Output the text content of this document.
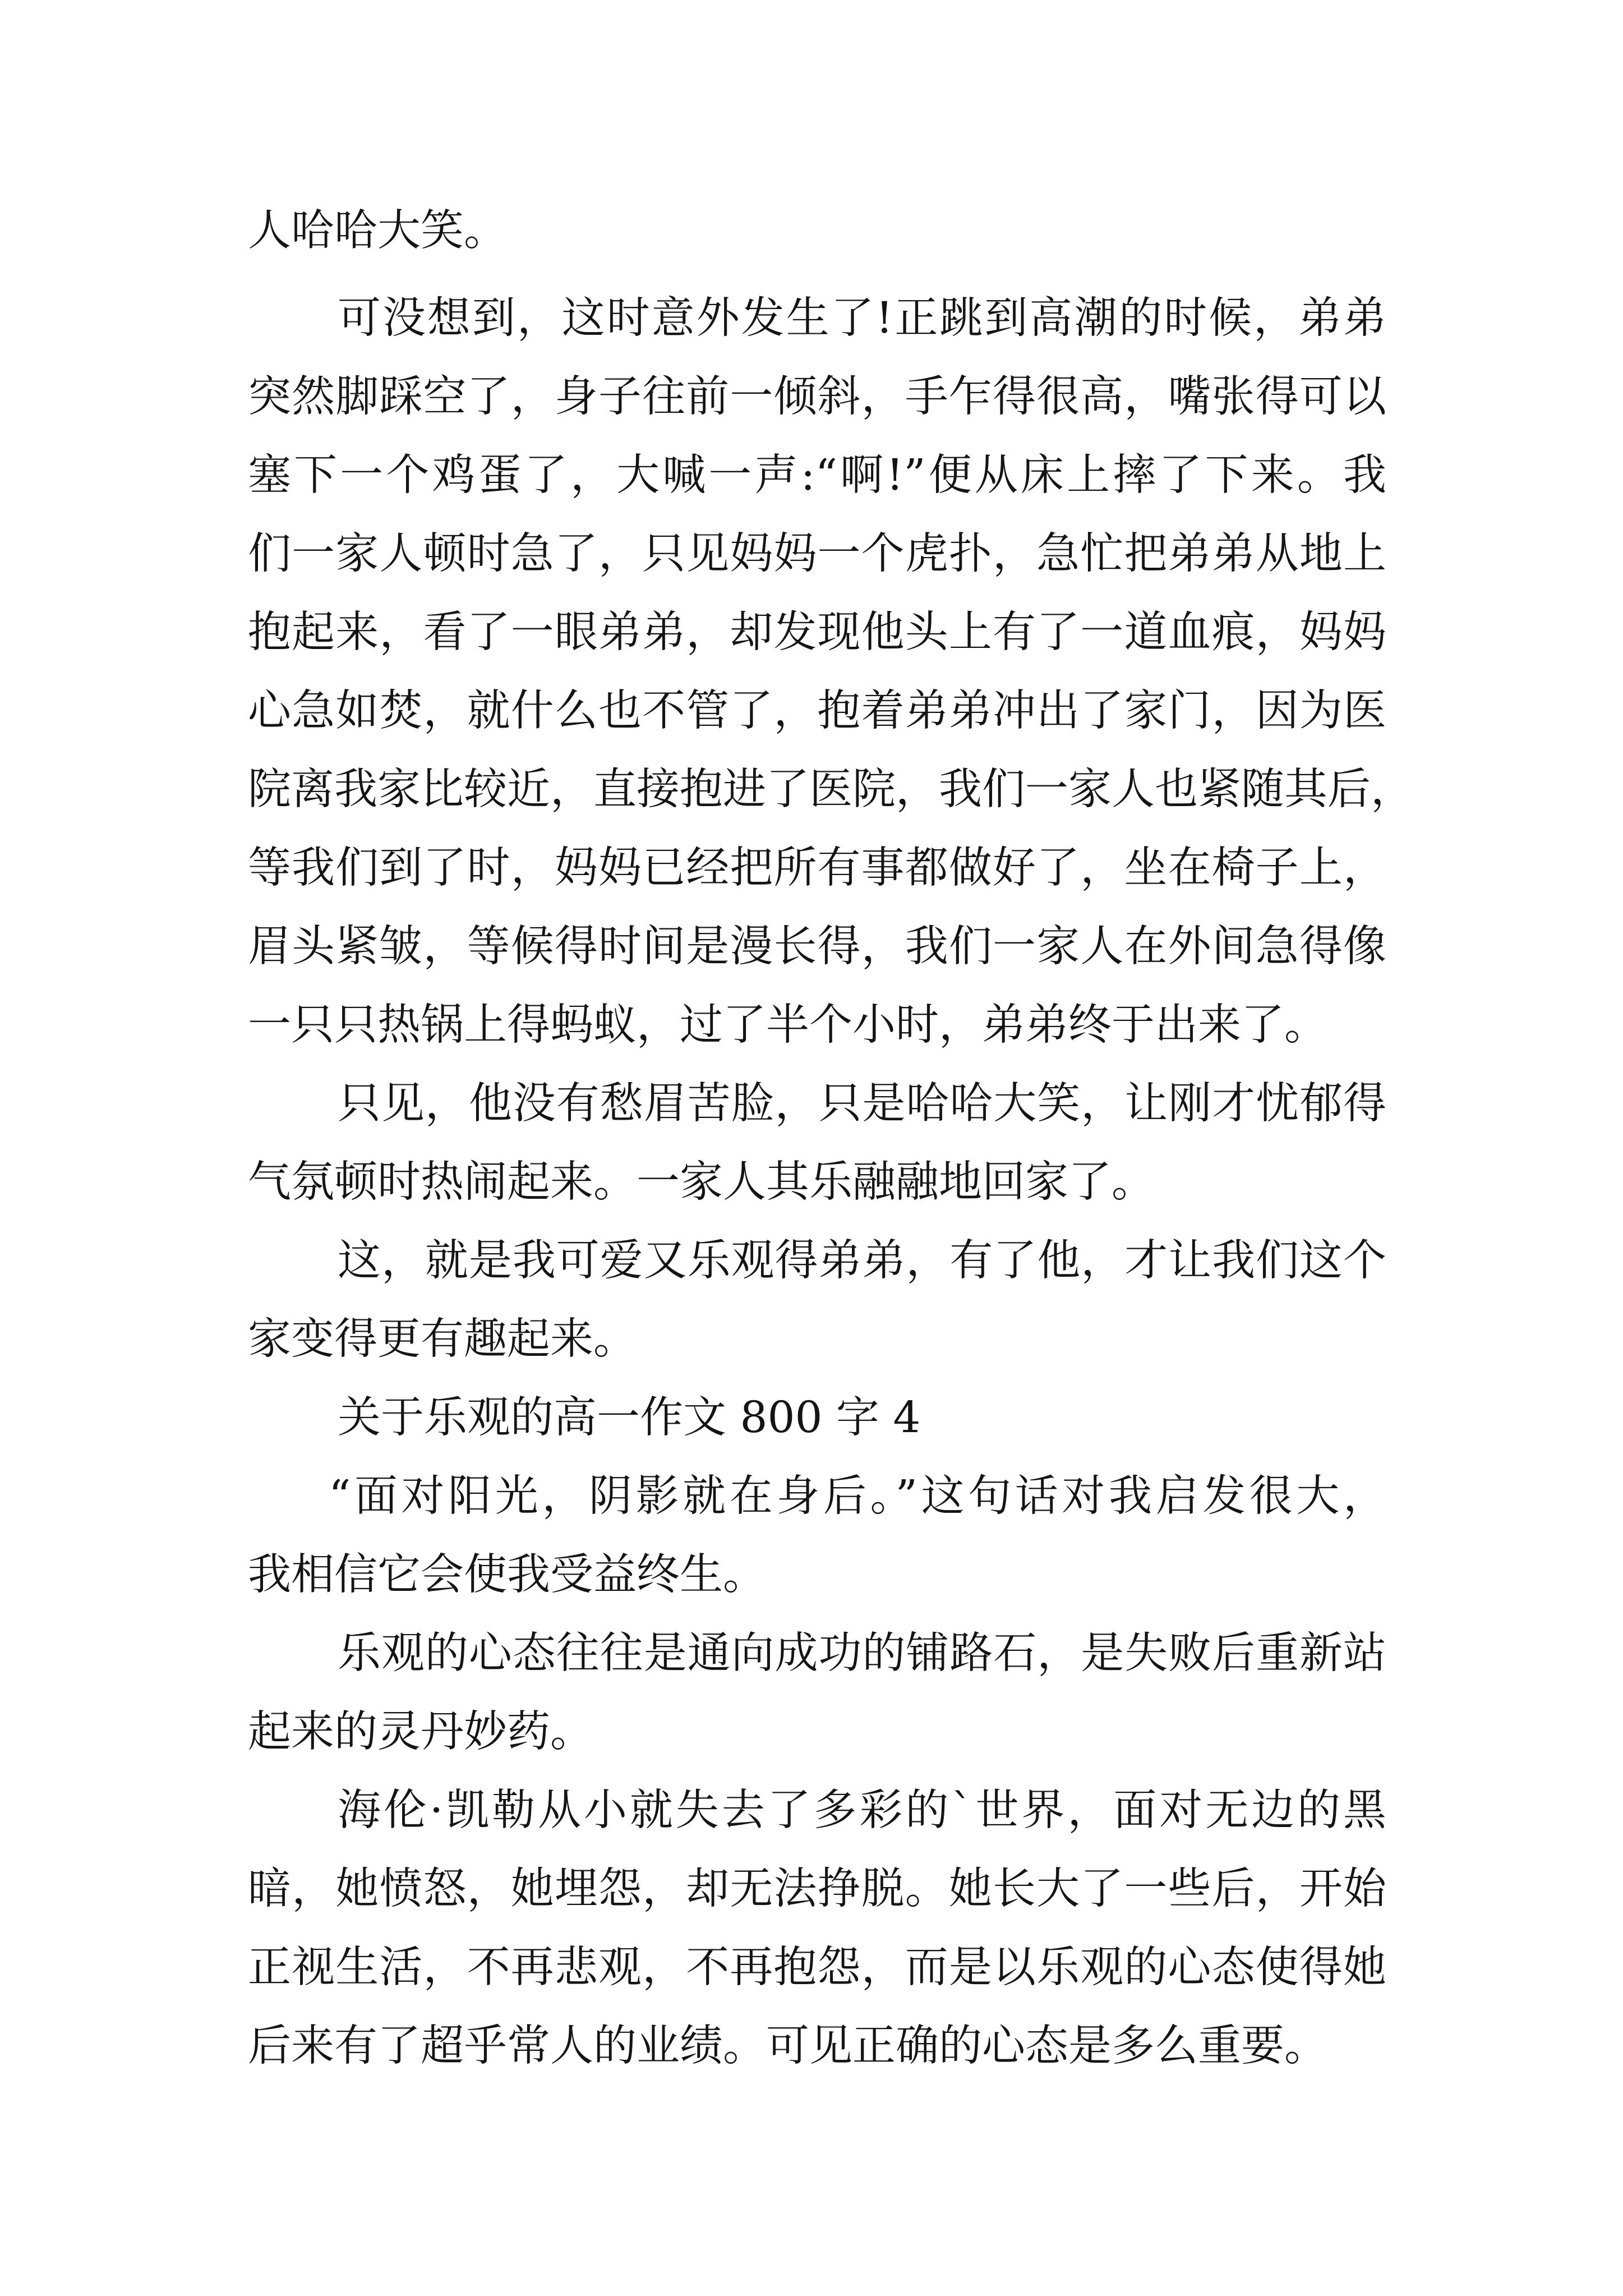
人哈哈大笑。
可没想到，这时意外发生了!正跳到高潮的时候，弟弟
突然脚踩空了，身子往前一倾斜，手乍得很高，嘴张得可以
塞下一个鸡蛋了，大喊一声:“啊!”便从床上摔了下来。我
们一家人顿时急了，只见妈妈一个虎扑，急忙把弟弟从地上
抱起来，看了一眼弟弟，却发现他头上有了一道血痕，妈妈
心急如焚，就什么也不管了，抱着弟弟冲出了家门，因为医
院离我家比较近，直接抱进了医院，我们一家人也紧随其后，
等我们到了时，妈妈已经把所有事都做好了，坐在椅子上，
眉头紧皱，等候得时间是漫长得，我们一家人在外间急得像
一只只热锅上得蚂蚁，过了半个小时，弟弟终于出来了。
只见，他没有愁眉苦脸，只是哈哈大笑，让刚才忧郁得
气氛顿时热闹起来。一家人其乐融融地回家了。
这，就是我可爱又乐观得弟弟，有了他，才让我们这个
家变得更有趣起来。
关于乐观的高一作文 800 字 4
“面对阳光，阴影就在身后。”这句话对我启发很大，
我相信它会使我受益终生。
乐观的心态往往是通向成功的铺路石，是失败后重新站
起来的灵丹妙药。
海伦·凯勒从小就失去了多彩的`世界，面对无边的黑
暗，她愤怒，她埋怨，却无法挣脱。她长大了一些后，开始
正视生活，不再悲观，不再抱怨，而是以乐观的心态使得她
后来有了超乎常人的业绩。可见正确的心态是多么重要。
